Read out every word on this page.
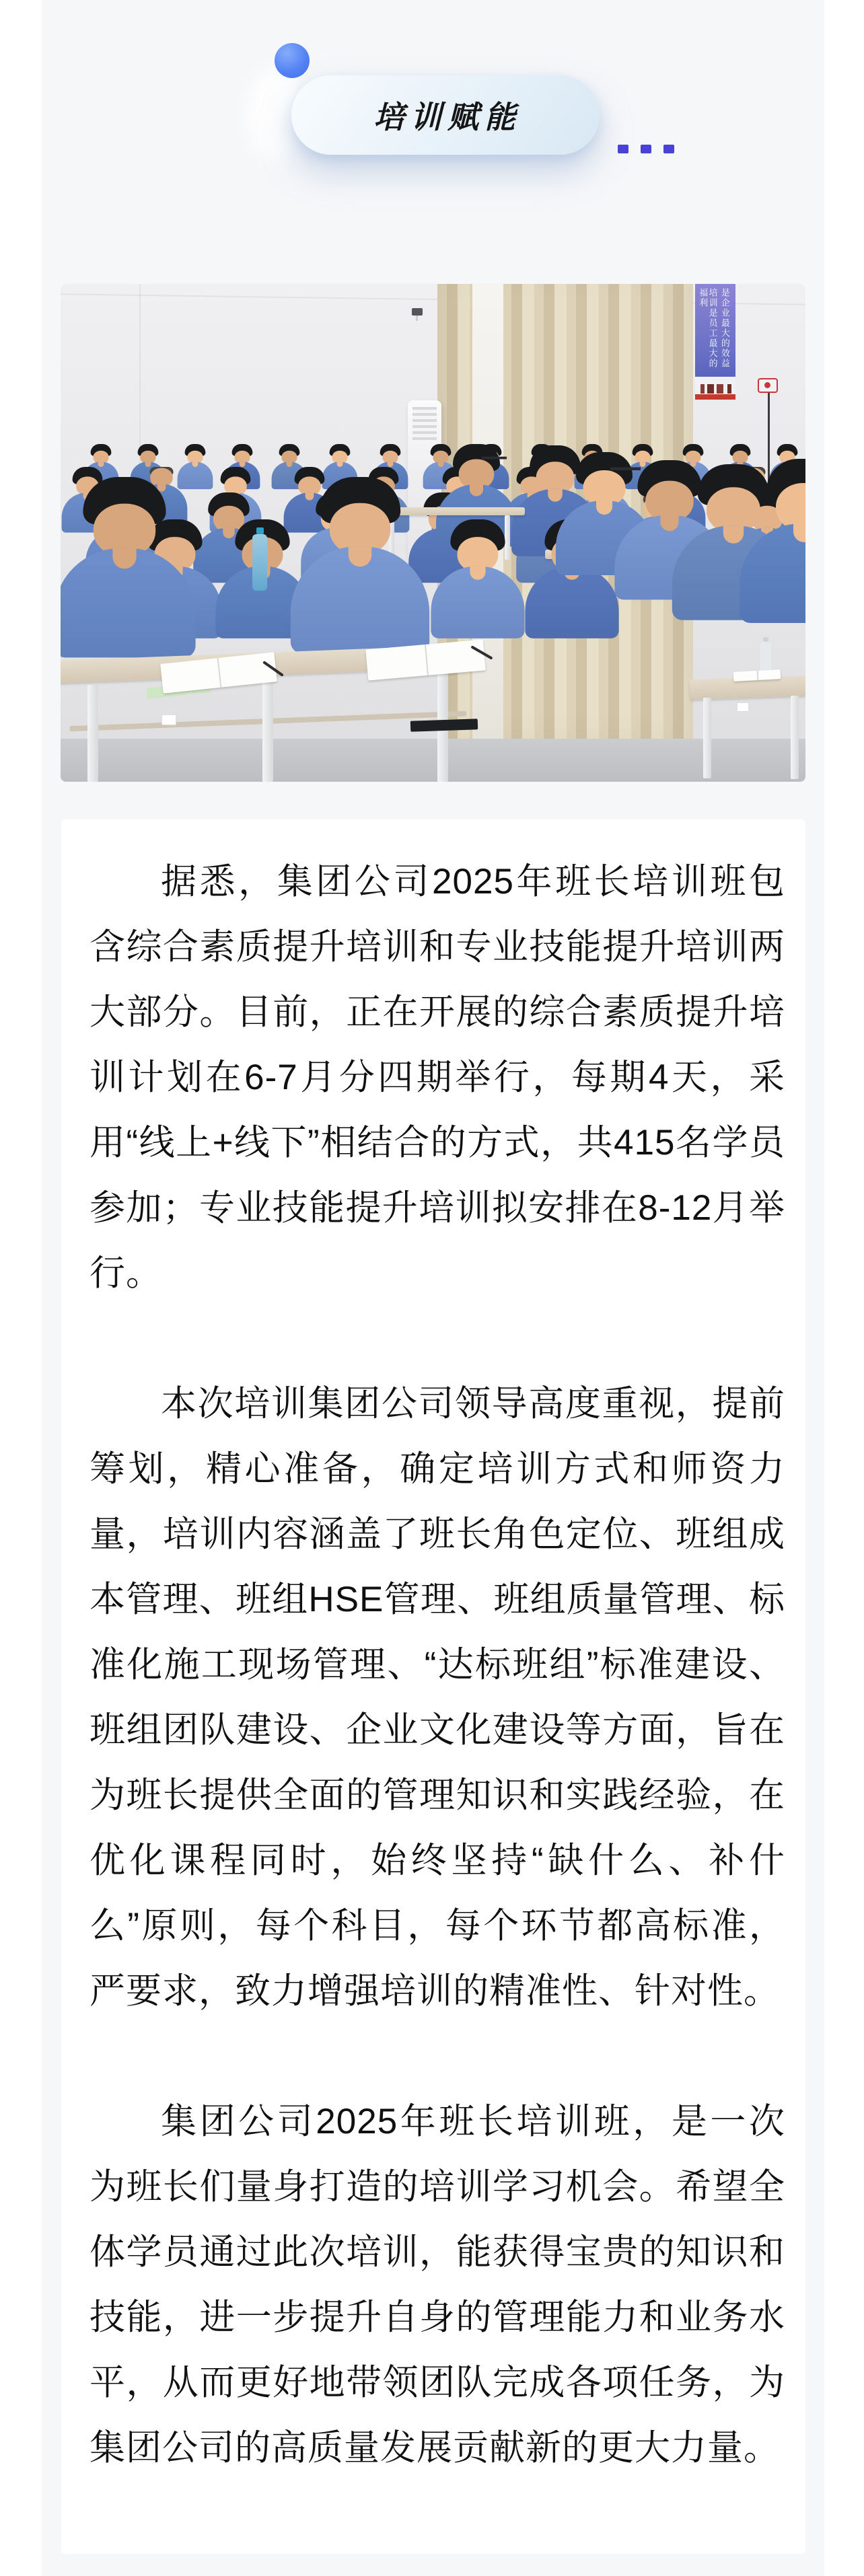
培训赋能
培训是员工最大的福利	是企业最大的效益

据悉，集团公司2025年班长培训班包含综合素质提升培训和专业技能提升培训两大部分。目前，正在开展的综合素质提升培训计划在6-7月分四期举行，每期4天，采用“线上+线下”相结合的方式，共415名学员参加；专业技能提升培训拟安排在8-12月举行。

本次培训集团公司领导高度重视，提前筹划，精心准备，确定培训方式和师资力量，培训内容涵盖了班长角色定位、班组成本管理、班组HSE管理、班组质量管理、标准化施工现场管理、“达标班组”标准建设、班组团队建设、企业文化建设等方面，旨在为班长提供全面的管理知识和实践经验，在优化课程同时，始终坚持“缺什么、补什么”原则，每个科目，每个环节都高标准，严要求，致力增强培训的精准性、针对性。

集团公司2025年班长培训班，是一次为班长们量身打造的培训学习机会。希望全体学员通过此次培训，能获得宝贵的知识和技能，进一步提升自身的管理能力和业务水平，从而更好地带领团队完成各项任务，为集团公司的高质量发展贡献新的更大力量。
